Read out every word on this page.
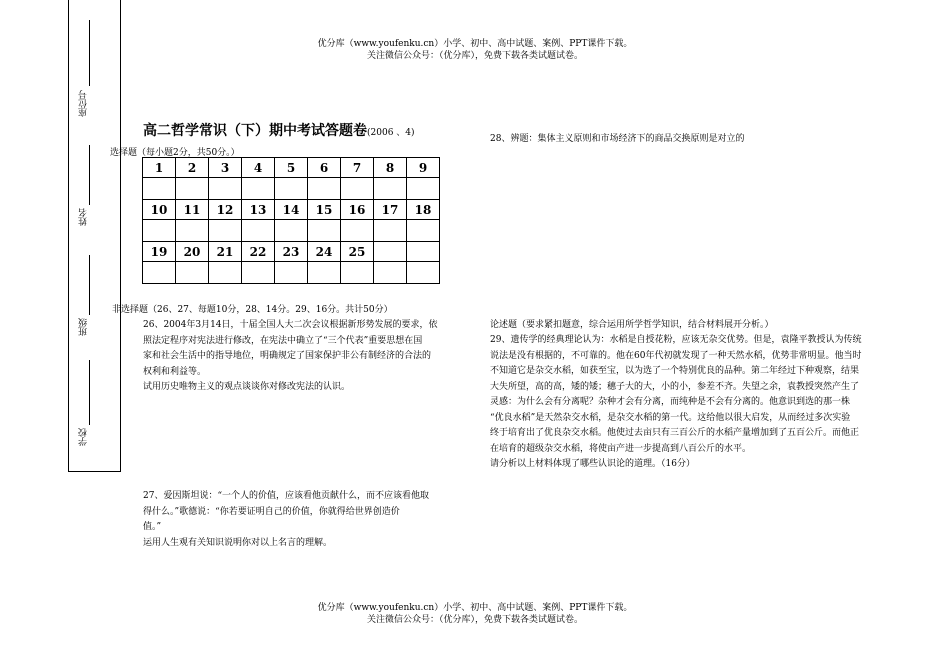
优分库（www.youfenku.cn）小学、初中、高中试题、案例、PPT课件下载。
关注微信公众号：（优分库），免费下载各类试题试卷。
座位号
姓名
班级
学校
高二哲学常识（下）期中考试答题卷(2006 、4)
选择题（每小题2分，共50分。）
1	2	3	4	5	6	7	8	9

10	11	12	13	14	15	16	17	18

19	20	21	22	23	24	25		

非选择题（26、27、每题10分，28、14分。29、16分。共计50分）
26、2004年3月14日，十届全国人大二次会议根据新形势发展的要求，依
照法定程序对宪法进行修改，在宪法中确立了“三个代表”重要思想在国
家和社会生活中的指导地位，明确规定了国家保护非公有制经济的合法的
权利和利益等。
试用历史唯物主义的观点谈谈你对修改宪法的认识。
27、爱因斯坦说：“一个人的价值，应该看他贡献什么，而不应该看他取
得什么。”歌德说：“你若要证明自己的价值，你就得给世界创造价
值。”
运用人生观有关知识说明你对以上名言的理解。
28、辨题：集体主义原则和市场经济下的商品交换原则是对立的
论述题（要求紧扣题意，综合运用所学哲学知识，结合材料展开分析。）
29、遗传学的经典理论认为：水稻是自授花粉，应该无杂交优势。但是，袁隆平教授认为传统
说法是没有根据的，不可靠的。他在60年代初就发现了一种天然水稻，优势非常明显。他当时
不知道它是杂交水稻，如获至宝，以为选了一个特别优良的品种。第二年经过下种观察，结果
大失所望，高的高，矮的矮；穗子大的大，小的小，参差不齐。失望之余，袁教授突然产生了
灵感：为什么会有分离呢？杂种才会有分离，而纯种是不会有分离的。他意识到选的那一株
“优良水稻”是天然杂交水稻，是杂交水稻的第一代。这给他以很大启发，从而经过多次实验
终于培育出了优良杂交水稻。他使过去亩只有三百公斤的水稻产量增加到了五百公斤。而他正
在培育的超级杂交水稻，将使亩产进一步提高到八百公斤的水平。
请分析以上材料体现了哪些认识论的道理。（16分）
优分库（www.youfenku.cn）小学、初中、高中试题、案例、PPT课件下载。
关注微信公众号：（优分库），免费下载各类试题试卷。
